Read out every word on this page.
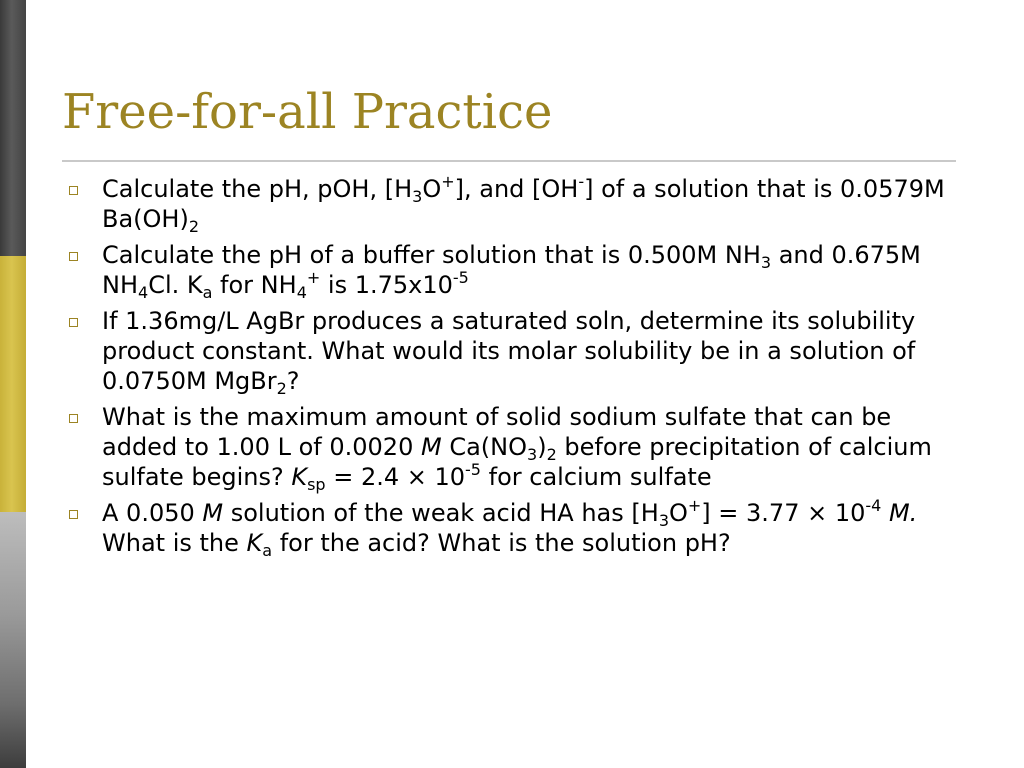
Free-for-all Practice
Calculate the pH, pOH, $[H_3O^+]$, and [OH-] of a solution that is 0.0579M $Ba(OH)_2$
Calculate the pH of a buffer solution that is 0.500M $NH_3$ and 0.675M $NH_4Cl$. $K_a$ for $NH_4^+$ is $1.75x10^{-5}$
If 1.36mg/L AgBr produces a saturated soln, determine its solubility product constant. What would its molar solubility be in a solution of 0.0750M MgBr$_2$?
What is the maximum amount of solid sodium sulfate that can be added to 1.00 L of 0.0020 M $Ca(NO_3)_2$ before precipitation of calcium sulfate begins? $K_{sp} = 2.4 \times 10^{-5}$ for calcium sulfate
A 0.050 M solution of the weak acid HA has $[H_3O^+] = 3.77 \times 10^{-4}$ M. What is the $K_a$ for the acid? What is the solution pH?
